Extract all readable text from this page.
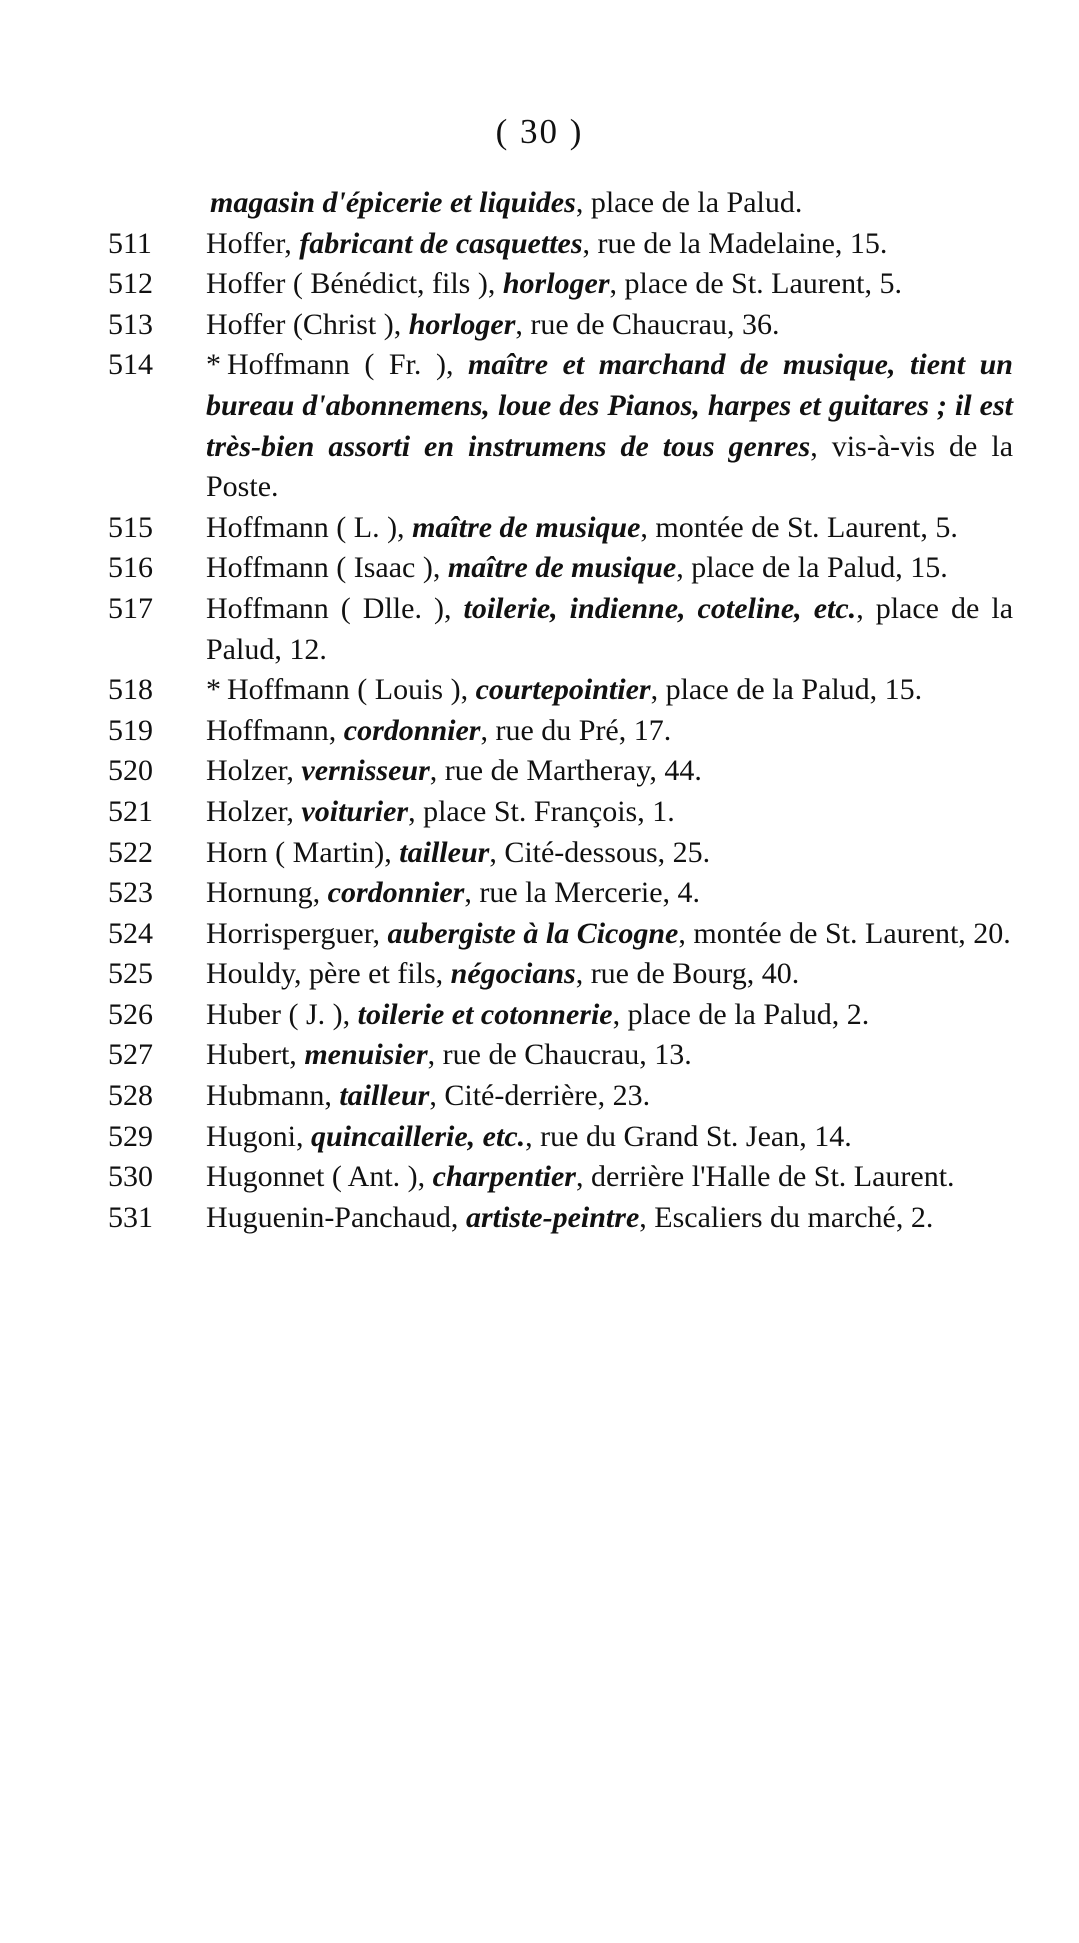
( 30 )
magasin d'épicerie et liquides, place de la Palud.
511	Hoffer, fabricant de casquettes, rue de la Madelaine, 15.
512	Hoffer ( Bénédict, fils ), horloger, place de St. Laurent, 5.
513	Hoffer (Christ ), horloger, rue de Chaucrau, 36.
514	* Hoffmann ( Fr. ), maître et marchand de musique, tient un bureau d'abonnemens, loue des Pianos, harpes et guitares ; il est très-bien assorti en instrumens de tous genres, vis-à-vis de la Poste.
515	Hoffmann ( L. ), maître de musique, montée de St. Laurent, 5.
516	Hoffmann ( Isaac ), maître de musique, place de la Palud, 15.
517	Hoffmann ( Dlle. ), toilerie, indienne, coteline, etc., place de la Palud, 12.
518	* Hoffmann ( Louis ), courtepointier, place de la Palud, 15.
519	Hoffmann, cordonnier, rue du Pré, 17.
520	Holzer, vernisseur, rue de Martheray, 44.
521	Holzer, voiturier, place St. François, 1.
522	Horn ( Martin), tailleur, Cité-dessous, 25.
523	Hornung, cordonnier, rue la Mercerie, 4.
524	Horrisperguer, aubergiste à la Cicogne, montée de St. Laurent, 20.
525	Houldy, père et fils, négocians, rue de Bourg, 40.
526	Huber ( J. ), toilerie et cotonnerie, place de la Palud, 2.
527	Hubert, menuisier, rue de Chaucrau, 13.
528	Hubmann, tailleur, Cité-derrière, 23.
529	Hugoni, quincaillerie, etc., rue du Grand St. Jean, 14.
530	Hugonnet ( Ant. ), charpentier, derrière l'Halle de St. Laurent.
531	Huguenin-Panchaud, artiste-peintre, Escaliers du marché, 2.
